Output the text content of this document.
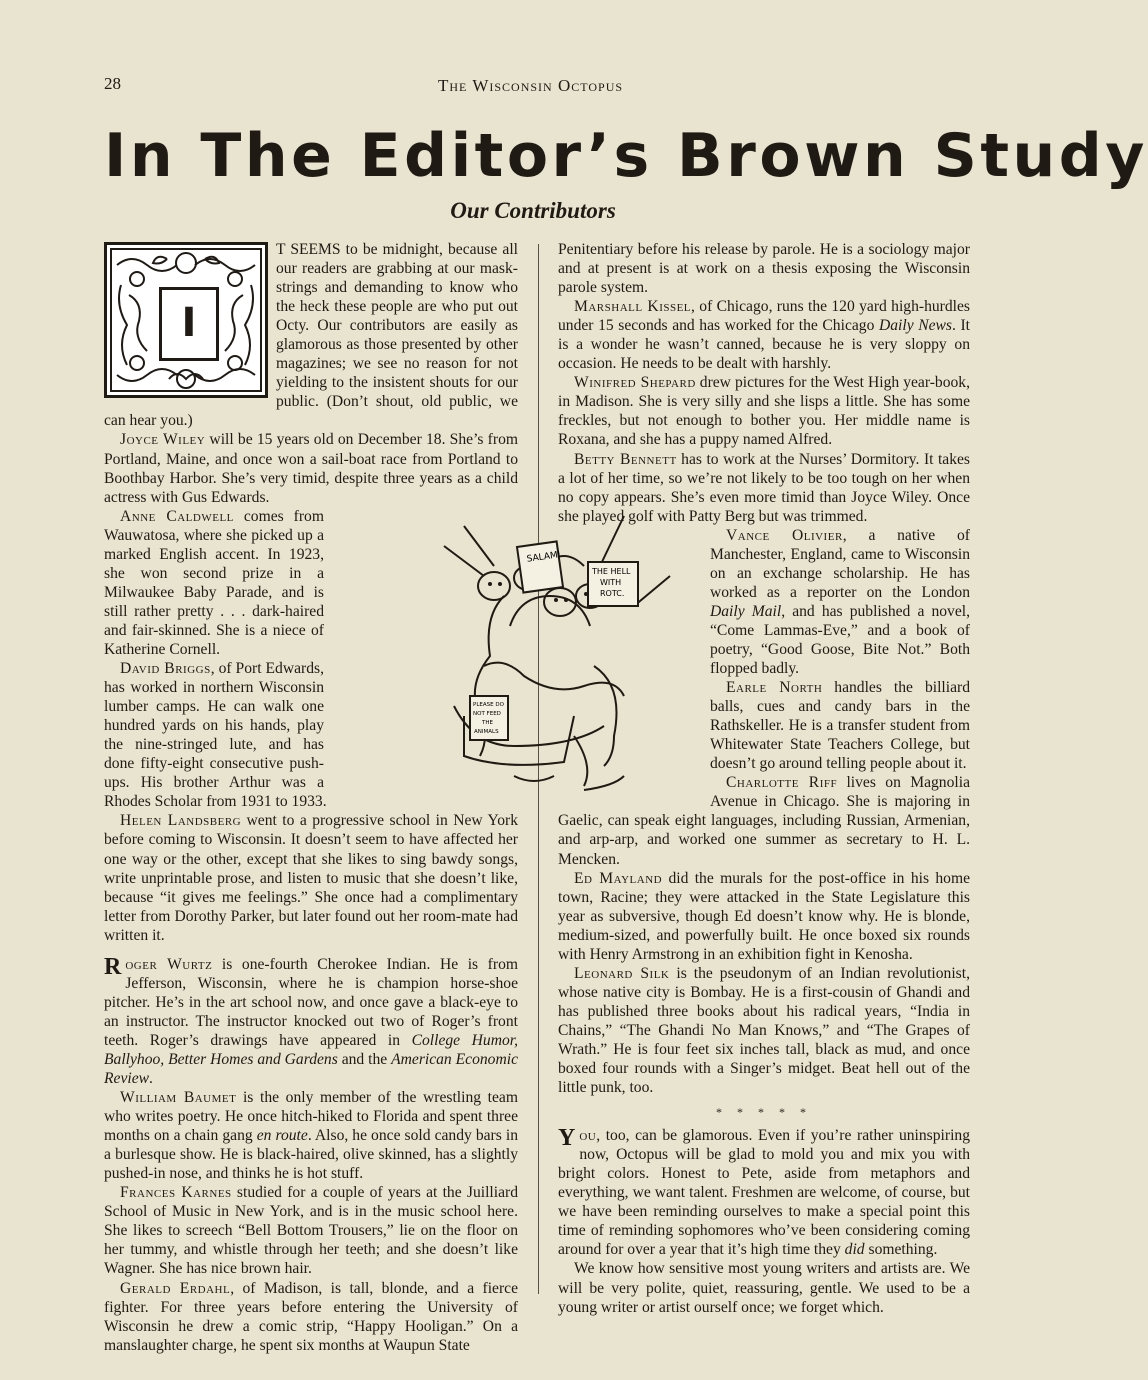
28	The Wisconsin Octopus
In The Editor’s Brown Study
Our Contributors
I

T SEEMS to be midnight, because all our readers are grabbing at our mask-strings and demanding to know who the heck these people are who put out Octy. Our contributors are easily as glamorous as those presented by other magazines; we see no reason for not yielding to the insistent shouts for our public. (Don’t shout, old public, we can hear you.)

Joyce Wiley will be 15 years old on December 18. She’s from Portland, Maine, and once won a sail-boat race from Portland to Boothbay Harbor. She’s very timid, despite three years as a child actress with Gus Edwards.

Anne Caldwell comes from Wauwatosa, where she picked up a marked English accent. In 1923, she won second prize in a Milwaukee Baby Parade, and is still rather pretty . . . dark-haired and fair-skinned. She is a niece of Katherine Cornell.

David Briggs, of Port Edwards, has worked in northern Wisconsin lumber camps. He can walk one hundred yards on his hands, play the nine-stringed lute, and has done fifty-eight consecutive push-ups. His brother Arthur was a Rhodes Scholar from 1931 to 1933.

Helen Landsberg went to a progressive school in New York before coming to Wisconsin. It doesn’t seem to have affected her one way or the other, except that she likes to sing bawdy songs, write unprintable prose, and listen to music that she doesn’t like, because “it gives me feelings.” She once had a complimentary letter from Dorothy Parker, but later found out her room-mate had written it.

Roger Wurtz is one-fourth Cherokee Indian. He is from Jefferson, Wisconsin, where he is champion horse-shoe pitcher. He’s in the art school now, and once gave a black-eye to an instructor. The instructor knocked out two of Roger’s front teeth. Roger’s drawings have appeared in College Humor, Ballyhoo, Better Homes and Gardens and the American Economic Review.

William Baumet is the only member of the wrestling team who writes poetry. He once hitch-hiked to Florida and spent three months on a chain gang en route. Also, he once sold candy bars in a burlesque show. He is black-haired, olive skinned, has a slightly pushed-in nose, and thinks he is hot stuff.

Frances Karnes studied for a couple of years at the Juilliard School of Music in New York, and is in the music school here. She likes to screech “Bell Bottom Trousers,” lie on the floor on her tummy, and whistle through her teeth; and she doesn’t like Wagner. She has nice brown hair.

Gerald Erdahl, of Madison, is tall, blonde, and a fierce fighter. For three years before entering the University of Wisconsin he drew a comic strip, “Happy Hooligan.” On a manslaughter charge, he spent six months at Waupun State

Penitentiary before his release by parole. He is a sociology major and at present is at work on a thesis exposing the Wisconsin parole system.

Marshall Kissel, of Chicago, runs the 120 yard high-hurdles under 15 seconds and has worked for the Chicago Daily News. It is a wonder he wasn’t canned, because he is very sloppy on occasion. He needs to be dealt with harshly.

Winifred Shepard drew pictures for the West High year-book, in Madison. She is very silly and she lisps a little. She has some freckles, but not enough to bother you. Her middle name is Roxana, and she has a puppy named Alfred.

Betty Bennett has to work at the Nurses’ Dormitory. It takes a lot of her time, so we’re not likely to be too tough on her when no copy appears. She’s even more timid than Joyce Wiley. Once she played golf with Patty Berg but was trimmed.

Vance Olivier, a native of Manchester, England, came to Wisconsin on an exchange scholarship. He has worked as a reporter on the London Daily Mail, and has published a novel, “Come Lammas-Eve,” and a book of poetry, “Good Goose, Bite Not.” Both flopped badly.

Earle North handles the billiard balls, cues and candy bars in the Rathskeller. He is a transfer student from Whitewater State Teachers College, but doesn’t go around telling people about it.

Charlotte Riff lives on Magnolia Avenue in Chicago. She is majoring in Gaelic, can speak eight languages, including Russian, Armenian, and arp-arp, and worked one summer as secretary to H. L. Mencken.

Ed Mayland did the murals for the post-office in his home town, Racine; they were attacked in the State Legislature this year as subversive, though Ed doesn’t know why. He is blonde, medium-sized, and powerfully built. He once boxed six rounds with Henry Armstrong in an exhibition fight in Kenosha.

Leonard Silk is the pseudonym of an Indian revolutionist, whose native city is Bombay. He is a first-cousin of Ghandi and has published three books about his radical years, “India in Chains,” “The Ghandi No Man Knows,” and “The Grapes of Wrath.” He is four feet six inches tall, black as mud, and once boxed four rounds with a Singer’s midget. Beat hell out of the little punk, too.

* * * * *

You, too, can be glamorous. Even if you’re rather uninspiring now, Octopus will be glad to mold you and mix you with bright colors. Honest to Pete, aside from metaphors and everything, we want talent. Freshmen are welcome, of course, but we have been reminding ourselves to make a special point this time of reminding sophomores who’ve been considering coming around for over a year that it’s high time they did something.

We know how sensitive most young writers and artists are. We will be very polite, quiet, reassuring, gentle. We used to be a young writer or artist ourself once; we forget which.

SALAMI
THE HELL
WITH
ROTC.
PLEASE DO
NOT FEED
THE
ANIMALS
